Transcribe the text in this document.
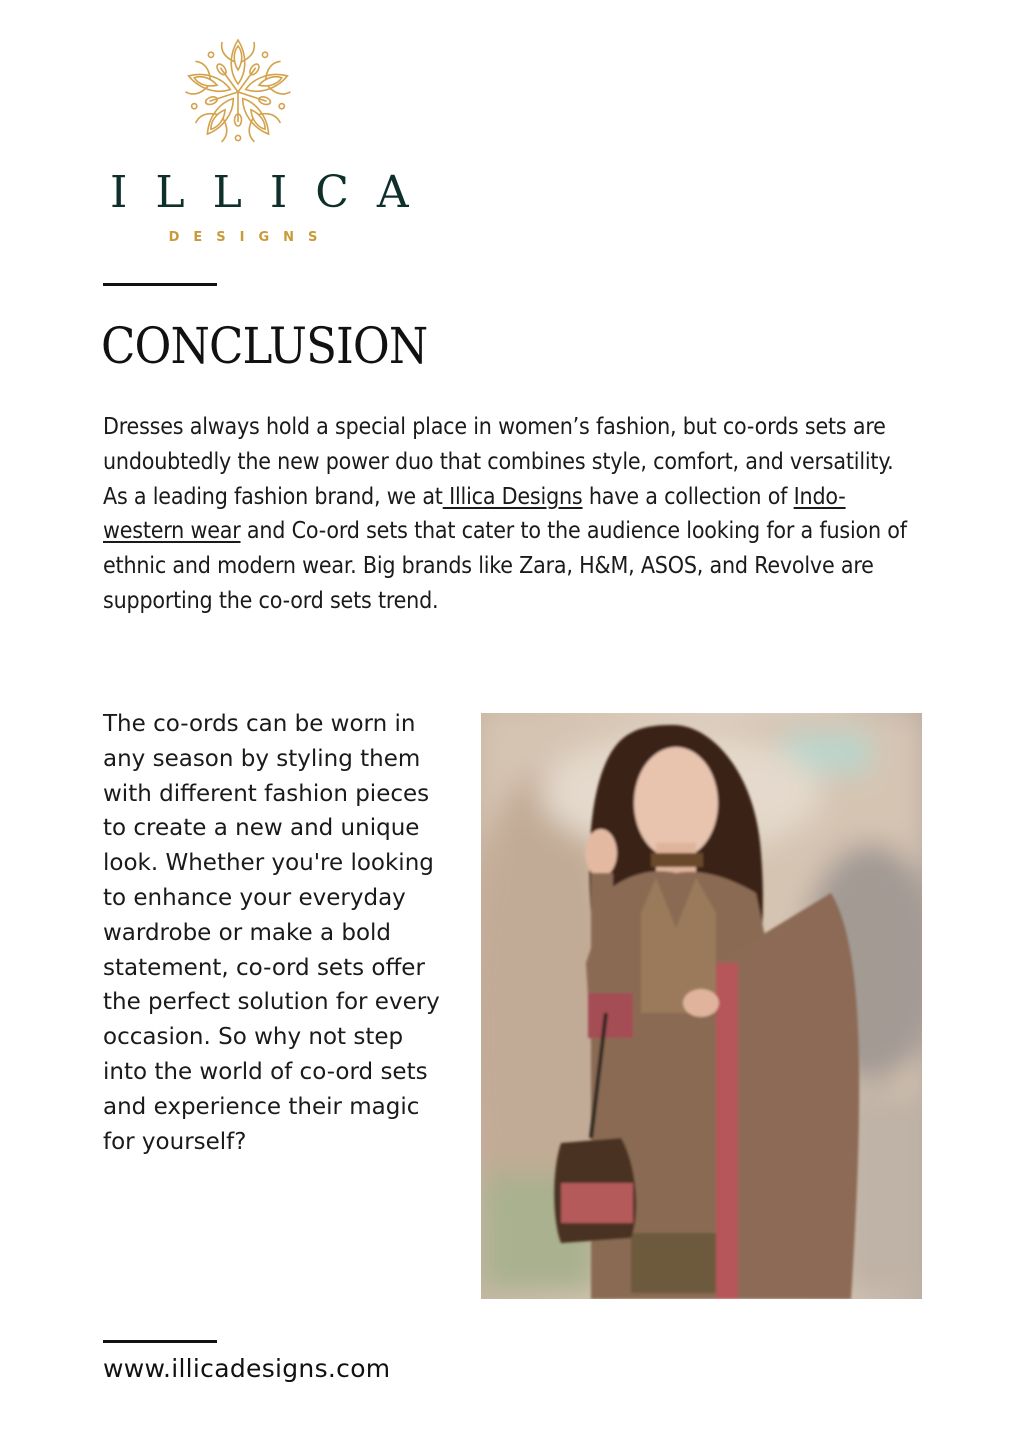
ILLICA
DESIGNS
CONCLUSION

Dresses always hold a special place in women’s fashion, but co-ords sets are undoubtedly the new power duo that combines style, comfort, and versatility. As a leading fashion brand, we at Illica Designs have a collection of Indo-western wear and Co-ord sets that cater to the audience looking for a fusion of ethnic and modern wear. Big brands like Zara, H&M, ASOS, and Revolve are supporting the co-ord sets trend.

The co-ords can be worn in any season by styling them with different fashion pieces to create a new and unique look. Whether you're looking to enhance your everyday wardrobe or make a bold statement, co-ord sets offer the perfect solution for every occasion. So why not step into the world of co-ord sets and experience their magic for yourself?

www.illicadesigns.com
